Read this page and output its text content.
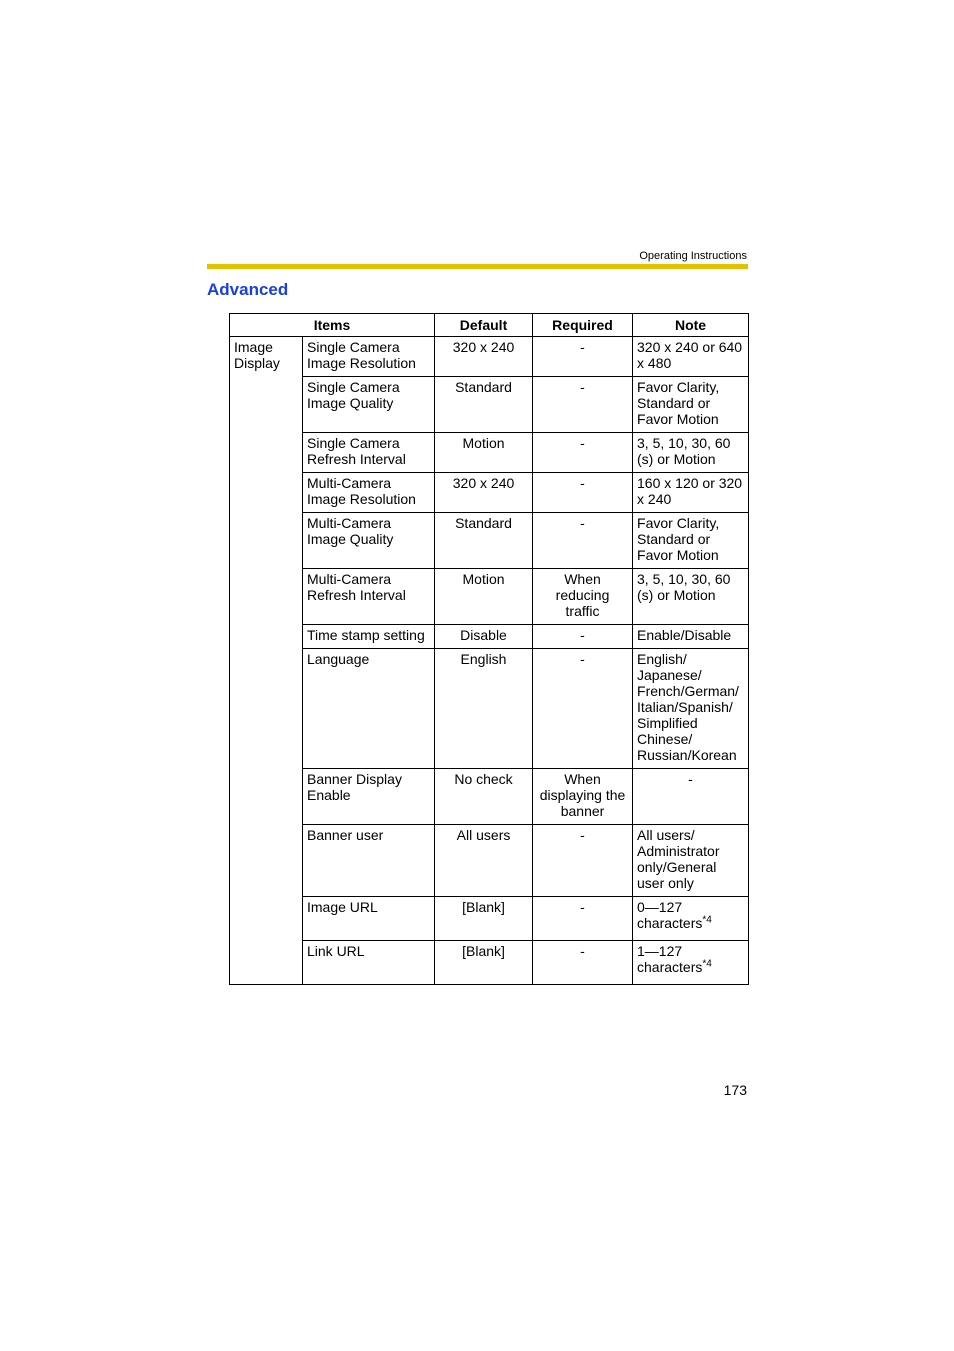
Operating Instructions
Advanced
Items		Default	Required	Note
Image Display	Single Camera Image Resolution	320 x 240	-	320 x 240 or 640 x 480
	Single Camera Image Quality	Standard	-	Favor Clarity, Standard or Favor Motion
	Single Camera Refresh Interval	Motion	-	3, 5, 10, 30, 60 (s) or Motion
	Multi-Camera Image Resolution	320 x 240	-	160 x 120 or 320 x 240
	Multi-Camera Image Quality	Standard	-	Favor Clarity, Standard or Favor Motion
	Multi-Camera Refresh Interval	Motion	When reducing traffic	3, 5, 10, 30, 60 (s) or Motion
	Time stamp setting	Disable	-	Enable/Disable
	Language	English	-	English/ Japanese/ French/German/ Italian/Spanish/ Simplified Chinese/ Russian/Korean
	Banner Display Enable	No check	When displaying the banner	-
	Banner user	All users	-	All users/ Administrator only/General user only
	Image URL	[Blank]	-	0—127 characters$^{*4}$
	Link URL	[Blank]	-	1—127 characters$^{*4}$
173
